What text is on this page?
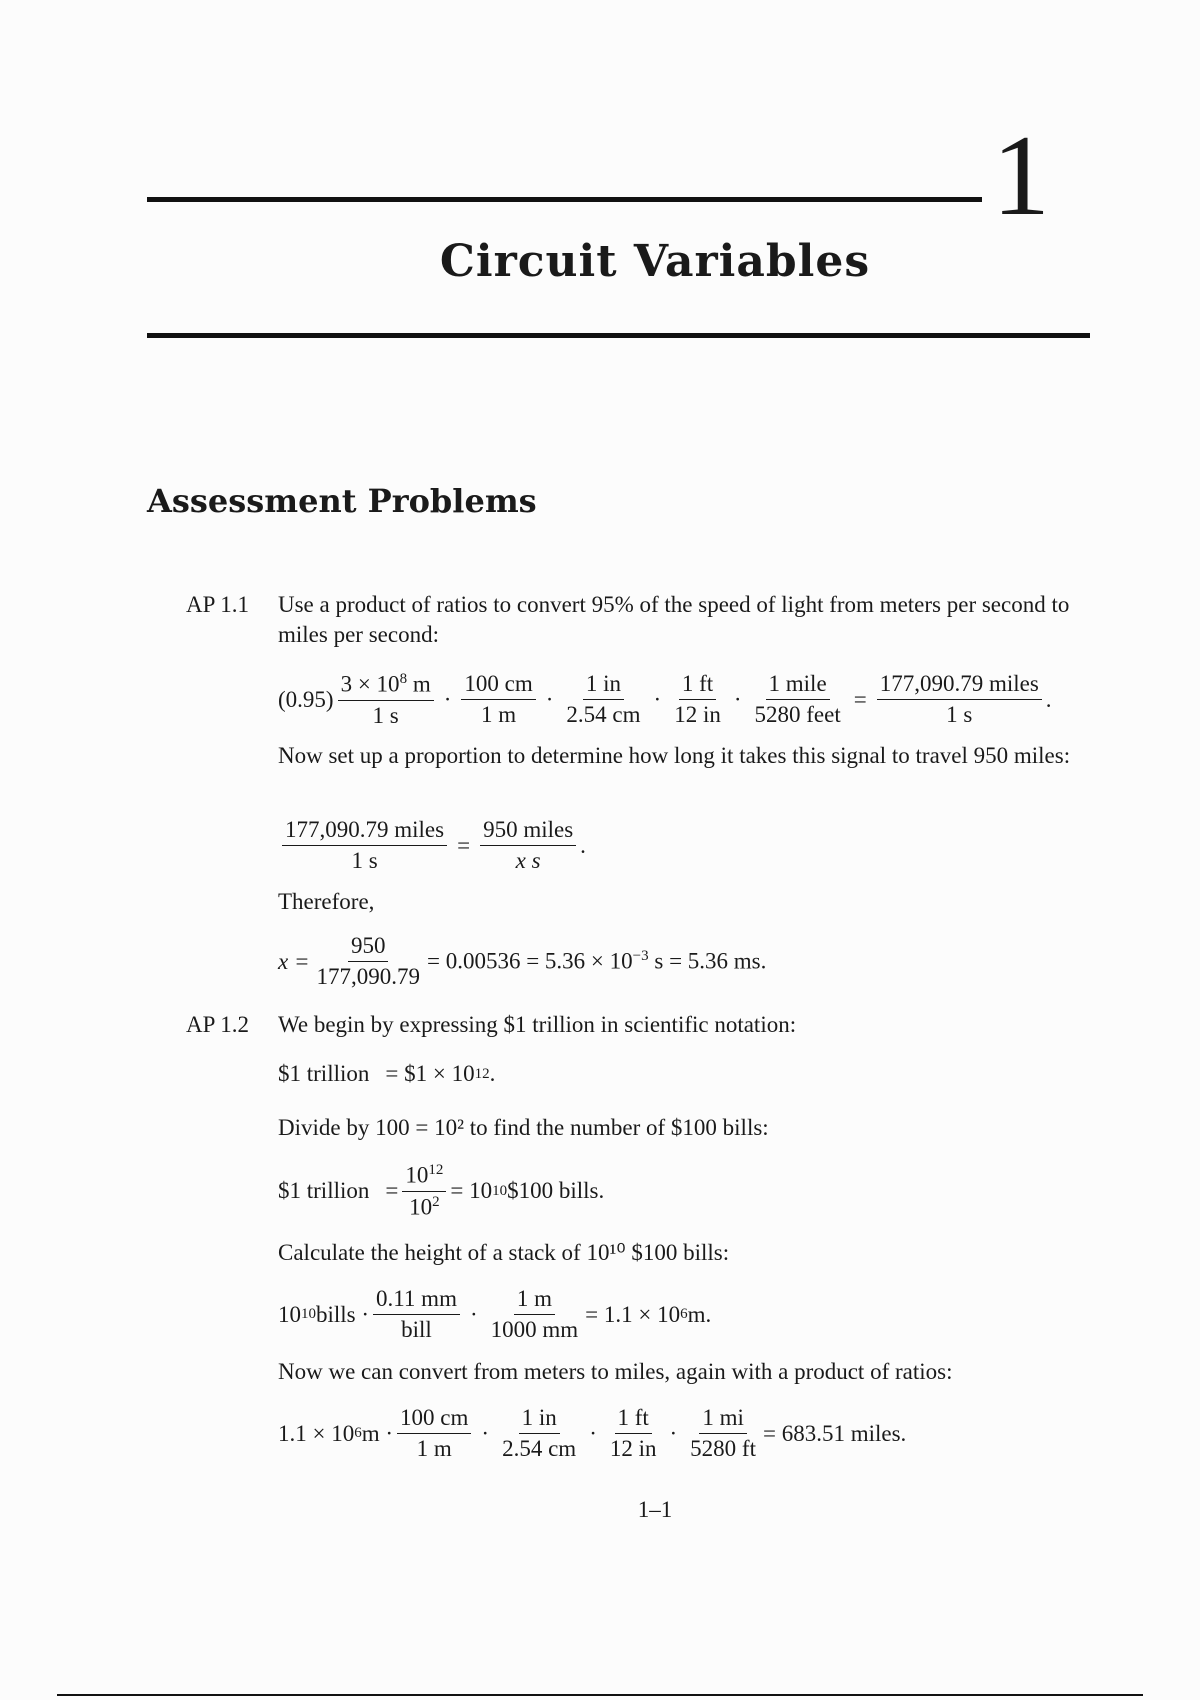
1
Circuit Variables
Assessment Problems
AP 1.1 Use a product of ratios to convert 95% of the speed of light from meters per second to miles per second:
$(0.95) \frac{3 \times 10^8 m}{1 s} \cdot \frac{100 cm}{1 m} \cdot \frac{1 in}{2.54 cm} \cdot \frac{1 ft}{12 in} \cdot \frac{\text{1 mile}}{\text{5280 feet}} = \frac{\text{177,090.79 miles}}{1 s}$ .
Now set up a proportion to determine how long it takes this signal to travel 950 miles:
$\frac{\text{177,090.79 miles}}{1 s} = \frac{\text{950 miles}}{\text{x s}}$ .
Therefore,
$x = \frac{950}{177,090.79} = 0.00536 = 5.36 \times 10^{-3}$ s = 5.36 ms.
AP 1.2 We begin by expressing $1 trillion in scientific notation:
$1 trillion = $1 × 10 12 .
Divide by 100 = 10² to find the number of $100 bills:
$1 trillion = $\frac{10^{12}}{10^2} = 10$ 10 $100 bills.
Calculate the height of a stack of 10¹⁰ $100 bills:
10 10 bills · $\frac{0.11 mm}{\text{bill}} \cdot \frac{1 m}{1000 mm} = 1.1 \times 10$ 6 m.
Now we can convert from meters to miles, again with a product of ratios:
1.1 × 10 6 $m \cdot \frac{100 cm}{1 m} \cdot \frac{1 in}{2.54 cm} \cdot \frac{1 ft}{12 in} \cdot \frac{1 mi}{5280 ft} = 683.51$ miles.
1–1
